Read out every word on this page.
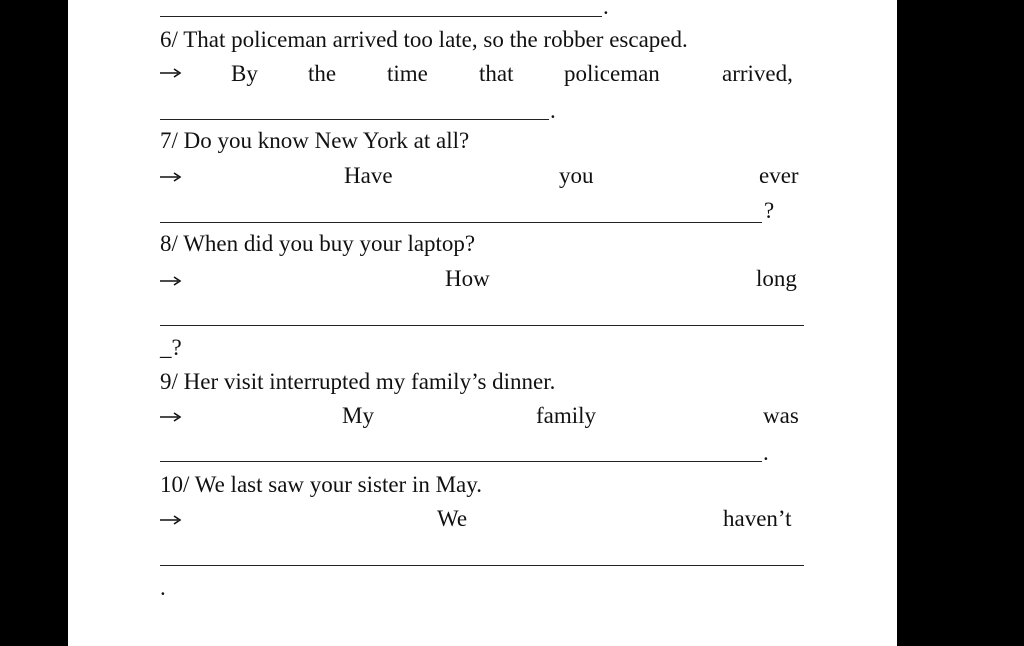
.
6/ That policeman arrived too late, so the robber escaped.
By the time that policeman	arrived,
.
7/ Do you know New York at all?
Have	you	ever
?
8/ When did you buy your laptop?
How	long
_?
9/ Her visit interrupted my family’s dinner.
My	family	was
.
10/ We last saw your sister in May.
We	haven’t
.
